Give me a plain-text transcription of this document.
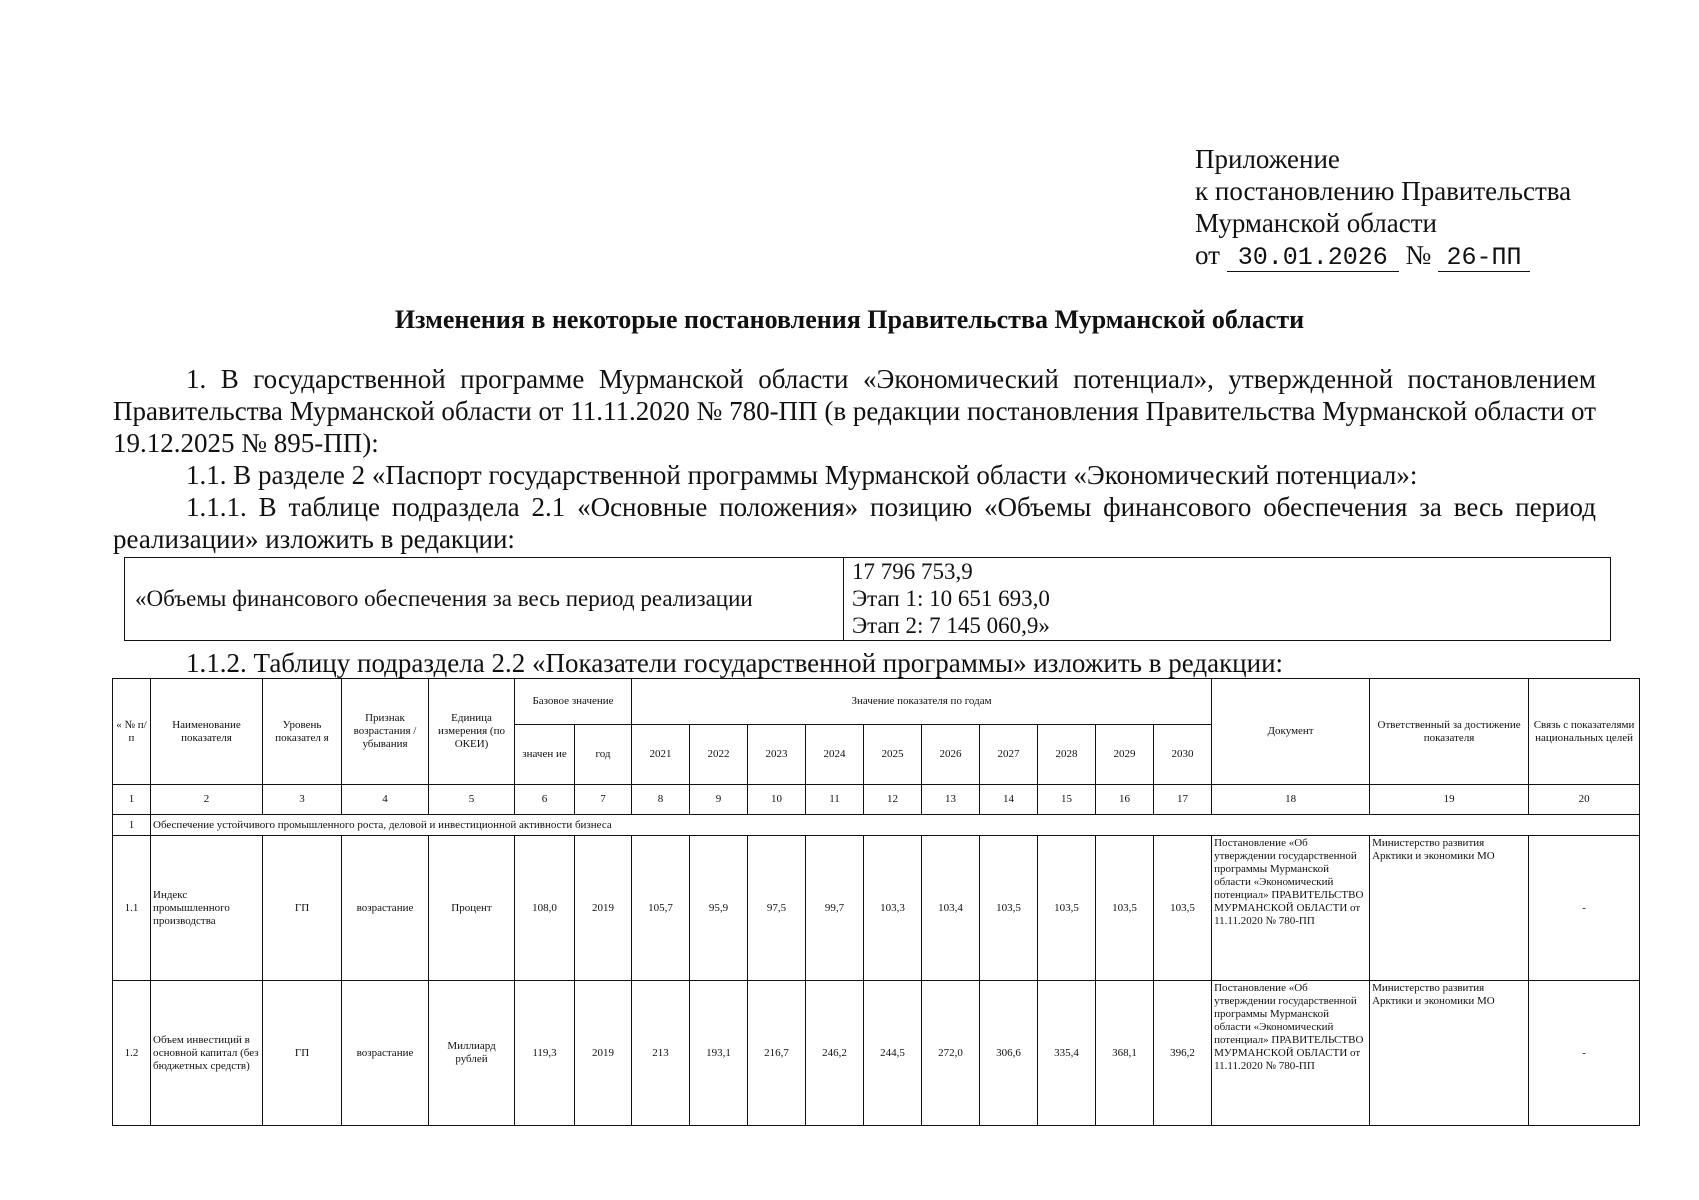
Приложение
к постановлению Правительства
Мурманской области
от 30.01.2026 № 26-ПП
Изменения в некоторые постановления Правительства Мурманской области
1. В государственной программе Мурманской области «Экономический потенциал», утвержденной постановлением Правительства Мурманской области от 11.11.2020 № 780-ПП (в редакции постановления Правительства Мурманской области от 19.12.2025 № 895-ПП):
1.1. В разделе 2 «Паспорт государственной программы Мурманской области «Экономический потенциал»:
1.1.1. В таблице подраздела 2.1 «Основные положения» позицию «Объемы финансового обеспечения за весь период реализации» изложить в редакции:
«Объемы финансового обеспечения за весь период реализации
17 796 753,9
Этап 1: 10 651 693,0
Этап 2: 7 145 060,9»
1.1.2. Таблицу подраздела 2.2 «Показатели государственной программы» изложить в редакции:
« № п/п	Наименование показателя	Уровень показател я	Признак возрастания / убывания	Единица измерения (по ОКЕИ)	Базовое значение		Значение показателя по годам										Документ	Ответственный за достижение показателя	Связь с показателями национальных целей
					значен ие	год	2021	2022	2023	2024	2025	2026	2027	2028	2029	2030			
1	2	3	4	5	6	7	8	9	10	11	12	13	14	15	16	17	18	19	20
1	Обеспечение устойчивого промышленного роста, деловой и инвестиционной активности бизнеса																		
1.1	Индекс промышленного производства	ГП	возрастание	Процент	108,0	2019	105,7	95,9	97,5	99,7	103,3	103,4	103,5	103,5	103,5	103,5	Постановление «Об утверждении государственной программы Мурманской области «Экономический потенциал» ПРАВИТЕЛЬСТВО МУРМАНСКОЙ ОБЛАСТИ от 11.11.2020 № 780-ПП	Министерство развития Арктики и экономики МО	-
1.2	Объем инвестиций в основной капитал (без бюджетных средств)	ГП	возрастание	Миллиард рублей	119,3	2019	213	193,1	216,7	246,2	244,5	272,0	306,6	335,4	368,1	396,2	Постановление «Об утверждении государственной программы Мурманской области «Экономический потенциал» ПРАВИТЕЛЬСТВО МУРМАНСКОЙ ОБЛАСТИ от 11.11.2020 № 780-ПП	Министерство развития Арктики и экономики МО	-
